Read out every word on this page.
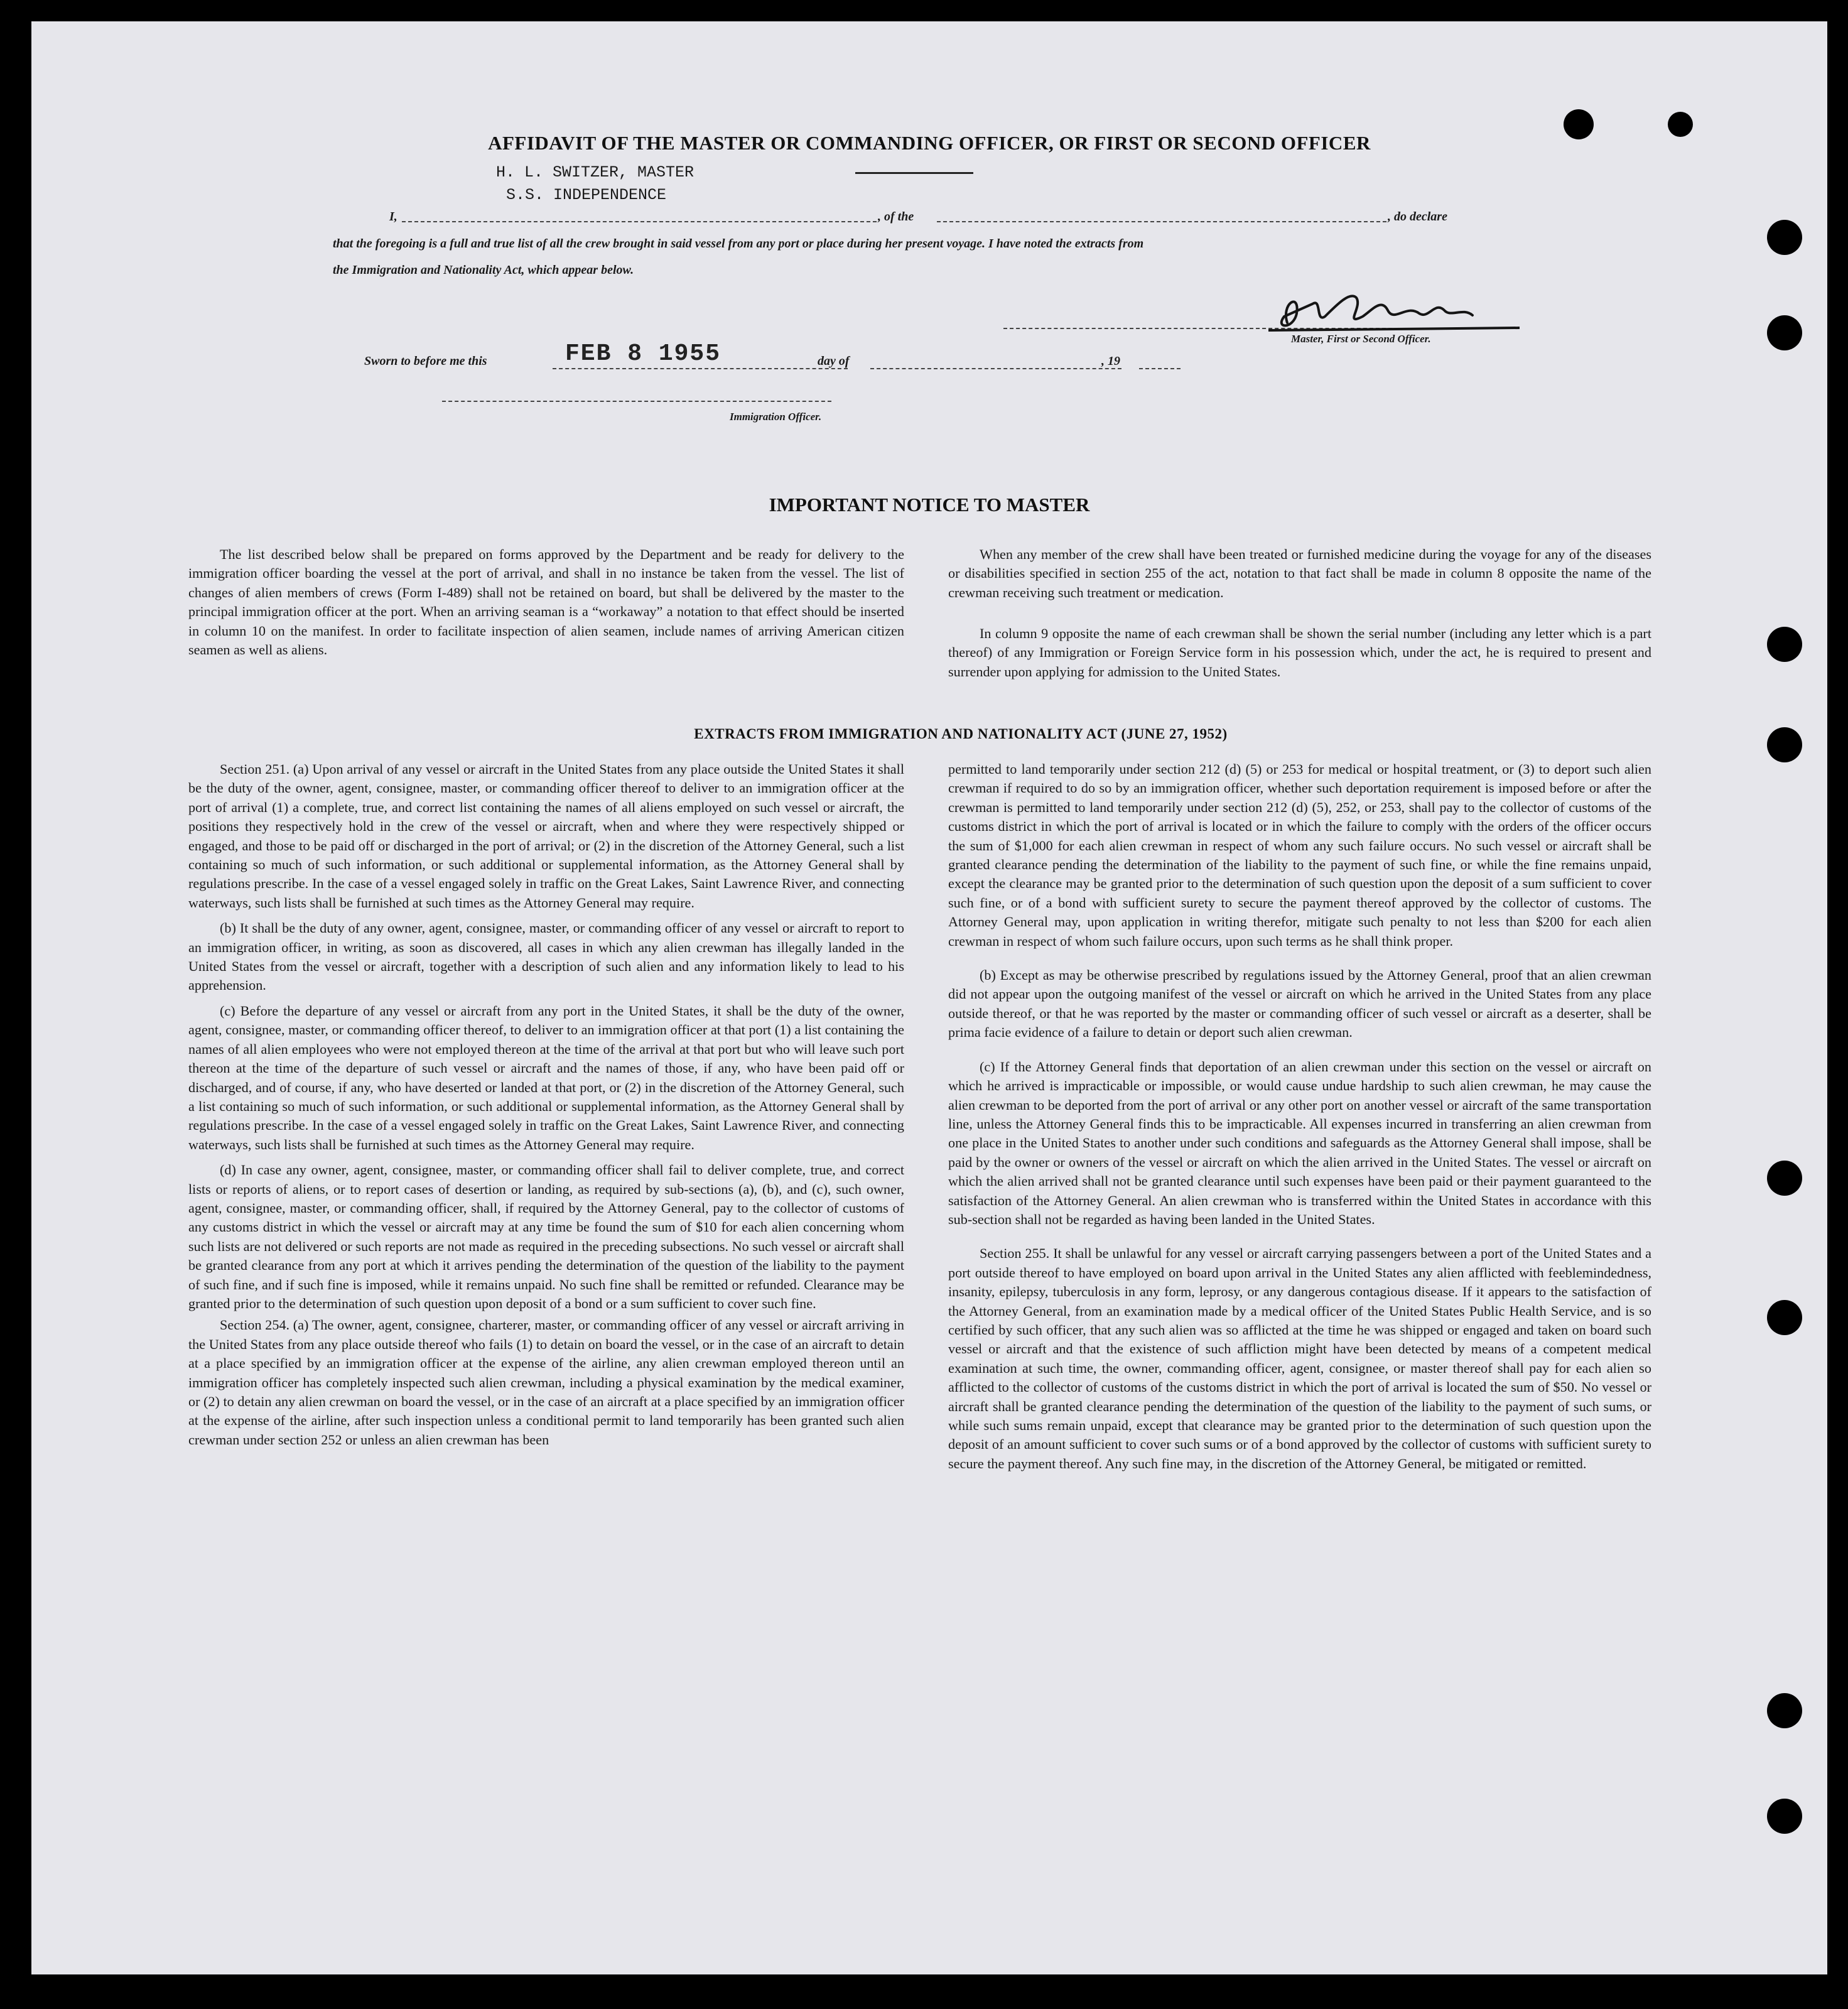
AFFIDAVIT OF THE MASTER OR COMMANDING OFFICER, OR FIRST OR SECOND OFFICER
H. L. SWITZER, MASTER
S.S. INDEPENDENCE
I,	, of the	, do declare
that the foregoing is a full and true list of all the crew brought in said vessel from any port or place during her present voyage. I have noted the extracts from
the Immigration and Nationality Act, which appear below.
Master, First or Second Officer.
Sworn to before me this	FEB 8 1955	day of	, 19
Immigration Officer.
IMPORTANT NOTICE TO MASTER
The list described below shall be prepared on forms approved by the Department and be ready for delivery to the immigration officer boarding the vessel at the port of arrival, and shall in no instance be taken from the vessel. The list of changes of alien members of crews (Form I-489) shall not be retained on board, but shall be delivered by the master to the principal immigration officer at the port. When an arriving seaman is a “workaway” a notation to that effect should be inserted in column 10 on the manifest. In order to facilitate inspection of alien seamen, include names of arriving American citizen seamen as well as aliens.
When any member of the crew shall have been treated or furnished medicine during the voyage for any of the diseases or disabilities specified in section 255 of the act, notation to that fact shall be made in column 8 opposite the name of the crewman receiving such treatment or medication.
In column 9 opposite the name of each crewman shall be shown the serial number (including any letter which is a part thereof) of any Immigration or Foreign Service form in his possession which, under the act, he is required to present and surrender upon applying for admission to the United States.
EXTRACTS FROM IMMIGRATION AND NATIONALITY ACT (JUNE 27, 1952)
Section 251. (a) Upon arrival of any vessel or aircraft in the United States from any place outside the United States it shall be the duty of the owner, agent, consignee, master, or commanding officer thereof to deliver to an immigration officer at the port of arrival (1) a complete, true, and correct list containing the names of all aliens employed on such vessel or aircraft, the positions they respectively hold in the crew of the vessel or aircraft, when and where they were respectively shipped or engaged, and those to be paid off or discharged in the port of arrival; or (2) in the discretion of the Attorney General, such a list containing so much of such information, or such additional or supplemental information, as the Attorney General shall by regulations prescribe. In the case of a vessel engaged solely in traffic on the Great Lakes, Saint Lawrence River, and connecting waterways, such lists shall be furnished at such times as the Attorney General may require.
(b) It shall be the duty of any owner, agent, consignee, master, or commanding officer of any vessel or aircraft to report to an immigration officer, in writing, as soon as discovered, all cases in which any alien crewman has illegally landed in the United States from the vessel or aircraft, together with a description of such alien and any information likely to lead to his apprehension.
(c) Before the departure of any vessel or aircraft from any port in the United States, it shall be the duty of the owner, agent, consignee, master, or commanding officer thereof, to deliver to an immigration officer at that port (1) a list containing the names of all alien employees who were not employed thereon at the time of the arrival at that port but who will leave such port thereon at the time of the departure of such vessel or aircraft and the names of those, if any, who have been paid off or discharged, and of course, if any, who have deserted or landed at that port, or (2) in the discretion of the Attorney General, such a list containing so much of such information, or such additional or supplemental information, as the Attorney General shall by regulations prescribe. In the case of a vessel engaged solely in traffic on the Great Lakes, Saint Lawrence River, and connecting waterways, such lists shall be furnished at such times as the Attorney General may require.
(d) In case any owner, agent, consignee, master, or commanding officer shall fail to deliver complete, true, and correct lists or reports of aliens, or to report cases of desertion or landing, as required by sub-sections (a), (b), and (c), such owner, agent, consignee, master, or commanding officer, shall, if required by the Attorney General, pay to the collector of customs of any customs district in which the vessel or aircraft may at any time be found the sum of $10 for each alien concerning whom such lists are not delivered or such reports are not made as required in the preceding subsections. No such vessel or aircraft shall be granted clearance from any port at which it arrives pending the determination of the question of the liability to the payment of such fine, and if such fine is imposed, while it remains unpaid. No such fine shall be remitted or refunded. Clearance may be granted prior to the determination of such question upon deposit of a bond or a sum sufficient to cover such fine.
Section 254. (a) The owner, agent, consignee, charterer, master, or commanding officer of any vessel or aircraft arriving in the United States from any place outside thereof who fails (1) to detain on board the vessel, or in the case of an aircraft to detain at a place specified by an immigration officer at the expense of the airline, any alien crewman employed thereon until an immigration officer has completely inspected such alien crewman, including a physical examination by the medical examiner, or (2) to detain any alien crewman on board the vessel, or in the case of an aircraft at a place specified by an immigration officer at the expense of the airline, after such inspection unless a conditional permit to land temporarily has been granted such alien crewman under section 252 or unless an alien crewman has been
permitted to land temporarily under section 212 (d) (5) or 253 for medical or hospital treatment, or (3) to deport such alien crewman if required to do so by an immigration officer, whether such deportation requirement is imposed before or after the crewman is permitted to land temporarily under section 212 (d) (5), 252, or 253, shall pay to the collector of customs of the customs district in which the port of arrival is located or in which the failure to comply with the orders of the officer occurs the sum of $1,000 for each alien crewman in respect of whom any such failure occurs. No such vessel or aircraft shall be granted clearance pending the determination of the liability to the payment of such fine, or while the fine remains unpaid, except the clearance may be granted prior to the determination of such question upon the deposit of a sum sufficient to cover such fine, or of a bond with sufficient surety to secure the payment thereof approved by the collector of customs. The Attorney General may, upon application in writing therefor, mitigate such penalty to not less than $200 for each alien crewman in respect of whom such failure occurs, upon such terms as he shall think proper.
(b) Except as may be otherwise prescribed by regulations issued by the Attorney General, proof that an alien crewman did not appear upon the outgoing manifest of the vessel or aircraft on which he arrived in the United States from any place outside thereof, or that he was reported by the master or commanding officer of such vessel or aircraft as a deserter, shall be prima facie evidence of a failure to detain or deport such alien crewman.
(c) If the Attorney General finds that deportation of an alien crewman under this section on the vessel or aircraft on which he arrived is impracticable or impossible, or would cause undue hardship to such alien crewman, he may cause the alien crewman to be deported from the port of arrival or any other port on another vessel or aircraft of the same transportation line, unless the Attorney General finds this to be impracticable. All expenses incurred in transferring an alien crewman from one place in the United States to another under such conditions and safeguards as the Attorney General shall impose, shall be paid by the owner or owners of the vessel or aircraft on which the alien arrived in the United States. The vessel or aircraft on which the alien arrived shall not be granted clearance until such expenses have been paid or their payment guaranteed to the satisfaction of the Attorney General. An alien crewman who is transferred within the United States in accordance with this sub-section shall not be regarded as having been landed in the United States.
Section 255. It shall be unlawful for any vessel or aircraft carrying passengers between a port of the United States and a port outside thereof to have employed on board upon arrival in the United States any alien afflicted with feeblemindedness, insanity, epilepsy, tuberculosis in any form, leprosy, or any dangerous contagious disease. If it appears to the satisfaction of the Attorney General, from an examination made by a medical officer of the United States Public Health Service, and is so certified by such officer, that any such alien was so afflicted at the time he was shipped or engaged and taken on board such vessel or aircraft and that the existence of such affliction might have been detected by means of a competent medical examination at such time, the owner, commanding officer, agent, consignee, or master thereof shall pay for each alien so afflicted to the collector of customs of the customs district in which the port of arrival is located the sum of $50. No vessel or aircraft shall be granted clearance pending the determination of the question of the liability to the payment of such sums, or while such sums remain unpaid, except that clearance may be granted prior to the determination of such question upon the deposit of an amount sufficient to cover such sums or of a bond approved by the collector of customs with sufficient surety to secure the payment thereof. Any such fine may, in the discretion of the Attorney General, be mitigated or remitted.
